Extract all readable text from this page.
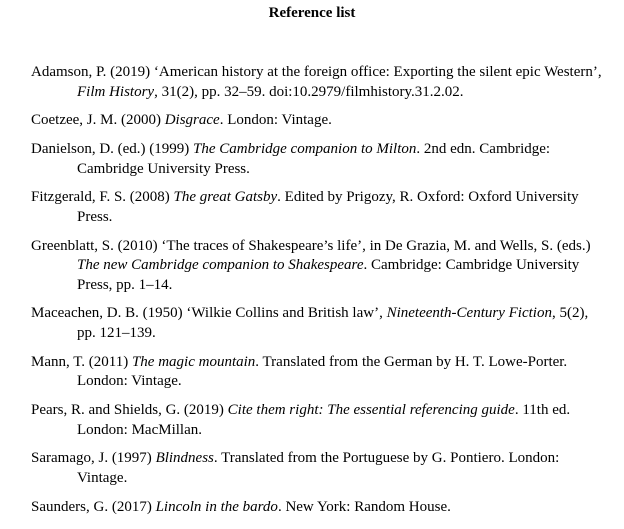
Reference list
Adamson, P. (2019) ‘American history at the foreign office: Exporting the silent epic Western’, Film History, 31(2), pp. 32–59. doi:10.2979/filmhistory.31.2.02.
Coetzee, J. M. (2000) Disgrace. London: Vintage.
Danielson, D. (ed.) (1999) The Cambridge companion to Milton. 2nd edn. Cambridge: Cambridge University Press.
Fitzgerald, F. S. (2008) The great Gatsby. Edited by Prigozy, R. Oxford: Oxford University Press.
Greenblatt, S. (2010) ‘The traces of Shakespeare’s life’, in De Grazia, M. and Wells, S. (eds.) The new Cambridge companion to Shakespeare. Cambridge: Cambridge University Press, pp. 1–14.
Maceachen, D. B. (1950) ‘Wilkie Collins and British law’, Nineteenth-Century Fiction, 5(2), pp. 121–139.
Mann, T. (2011) The magic mountain. Translated from the German by H. T. Lowe-Porter. London: Vintage.
Pears, R. and Shields, G. (2019) Cite them right: The essential referencing guide. 11th ed. London: MacMillan.
Saramago, J. (1997) Blindness. Translated from the Portuguese by G. Pontiero. London: Vintage.
Saunders, G. (2017) Lincoln in the bardo. New York: Random House.
